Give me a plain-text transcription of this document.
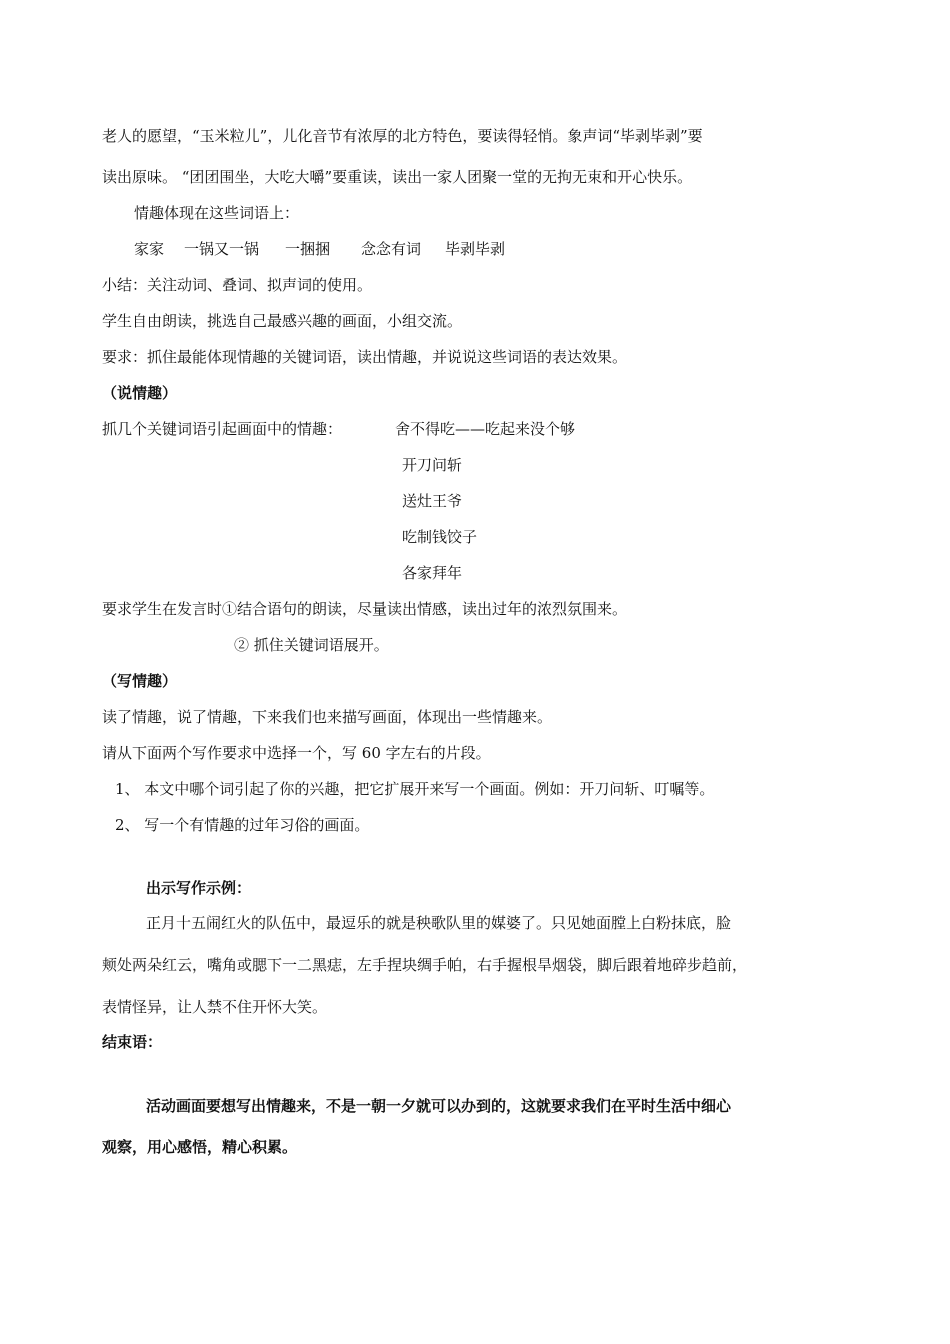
老人的愿望，“玉米粒儿”，儿化音节有浓厚的北方特色，要读得轻悄。象声词“毕剥毕剥”要
读出原味。 “团团围坐，大吃大嚼”要重读，读出一家人团聚一堂的无拘无束和开心快乐。
情趣体现在这些词语上：
家家 一锅又一锅 一捆捆 念念有词 毕剥毕剥
小结：关注动词、叠词、拟声词的使用。
学生自由朗读，挑选自己最感兴趣的画面，小组交流。
要求：抓住最能体现情趣的关键词语，读出情趣，并说说这些词语的表达效果。
（说情趣）
抓几个关键词语引起画面中的情趣：	舍不得吃——吃起来没个够
开刀问斩
送灶王爷
吃制钱饺子
各家拜年
要求学生在发言时①结合语句的朗读，尽量读出情感，读出过年的浓烈氛围来。
② 抓住关键词语展开。
（写情趣）
读了情趣，说了情趣，下来我们也来描写画面，体现出一些情趣来。
请从下面两个写作要求中选择一个，写 60 字左右的片段。
1、 本文中哪个词引起了你的兴趣，把它扩展开来写一个画面。例如：开刀问斩、叮嘱等。
2、 写一个有情趣的过年习俗的画面。
出示写作示例：
正月十五闹红火的队伍中，最逗乐的就是秧歌队里的媒婆了。只见她面膛上白粉抹底，脸
颊处两朵红云，嘴角或腮下一二黑痣，左手捏块绸手帕，右手握根旱烟袋，脚后跟着地碎步趋前，
表情怪异，让人禁不住开怀大笑。
结束语：
活动画面要想写出情趣来，不是一朝一夕就可以办到的，这就要求我们在平时生活中细心
观察，用心感悟，精心积累。
